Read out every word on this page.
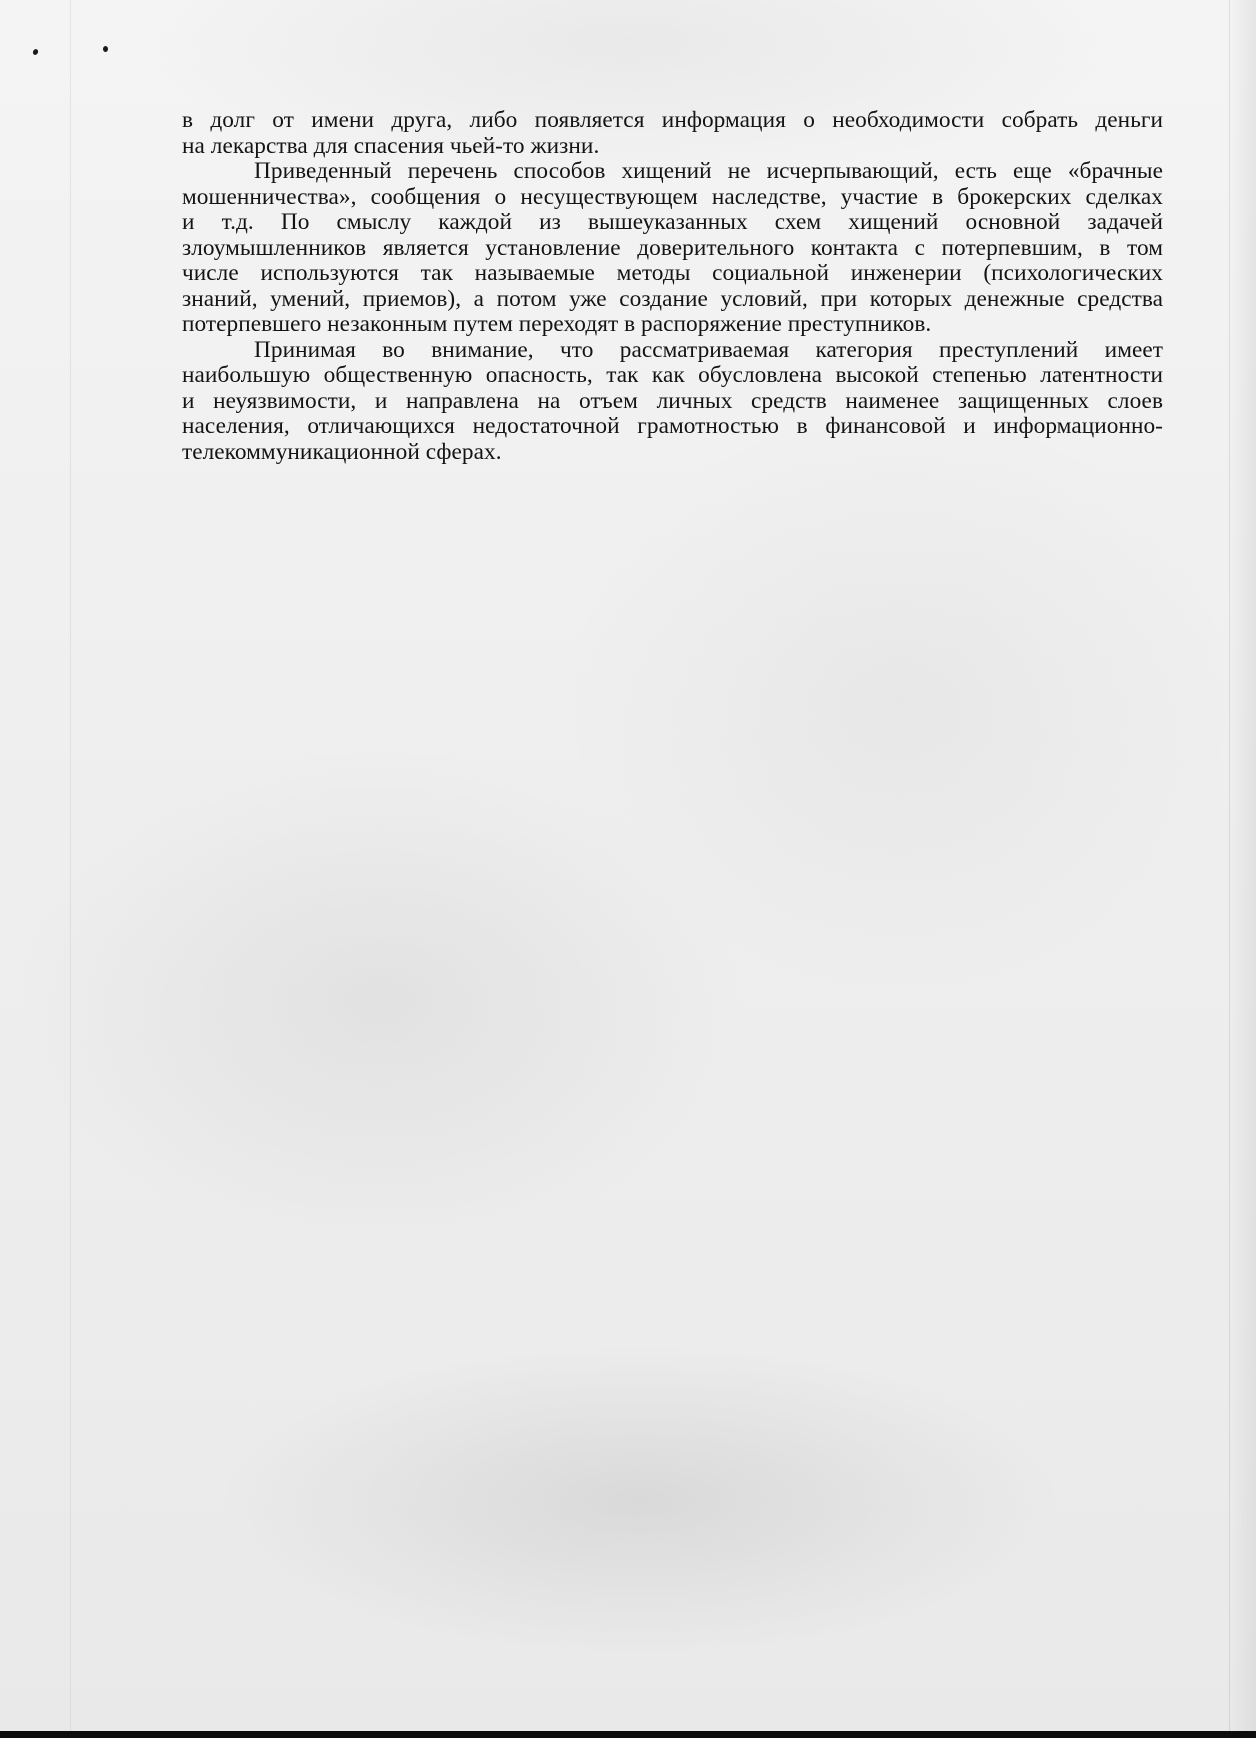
в долг от имени друга, либо появляется информация о необходимости собрать деньги
на лекарства для спасения чьей-то жизни.
Приведенный перечень способов хищений не исчерпывающий, есть еще «брачные
мошенничества», сообщения о несуществующем наследстве, участие в брокерских сделках
и т.д. По смыслу каждой из вышеуказанных схем хищений основной задачей
злоумышленников является установление доверительного контакта с потерпевшим, в том
числе используются так называемые методы социальной инженерии (психологических
знаний, умений, приемов), а потом уже создание условий, при которых денежные средства
потерпевшего незаконным путем переходят в распоряжение преступников.
Принимая во внимание, что рассматриваемая категория преступлений имеет
наибольшую общественную опасность, так как обусловлена высокой степенью латентности
и неуязвимости, и направлена на отъем личных средств наименее защищенных слоев
населения, отличающихся недостаточной грамотностью в финансовой и информационно-
телекоммуникационной сферах.
